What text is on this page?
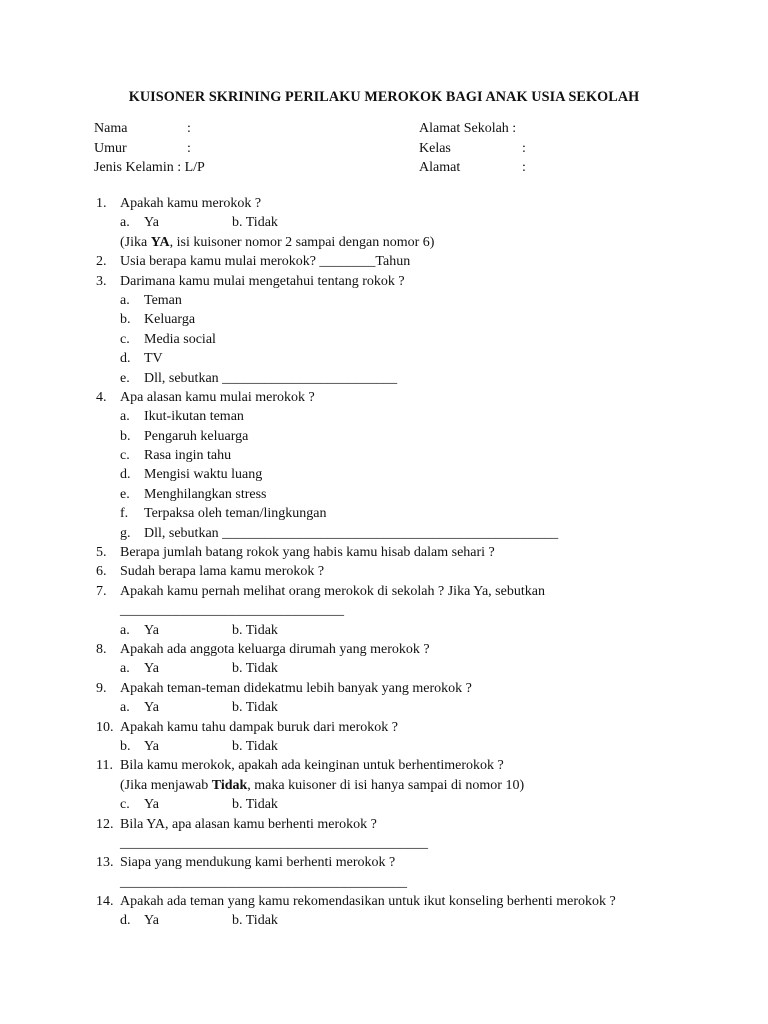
KUISONER SKRINING PERILAKU MEROKOK BAGI ANAK USIA SEKOLAH
Nama	:	Alamat Sekolah :
Umur	:	Kelas	:
Jenis Kelamin : L/P	Alamat	:
1. Apakah kamu merokok ?
a. Ya	b. Tidak
(Jika YA, isi kuisoner nomor 2 sampai dengan nomor 6)
2. Usia berapa kamu mulai merokok? ________Tahun
3. Darimana kamu mulai mengetahui tentang rokok ?
a. Teman
b. Keluarga
c. Media social
d. TV
e. Dll, sebutkan _________________________
4. Apa alasan kamu mulai merokok ?
a. Ikut-ikutan teman
b. Pengaruh keluarga
c. Rasa ingin tahu
d. Mengisi waktu luang
e. Menghilangkan stress
f. Terpaksa oleh teman/lingkungan
g. Dll, sebutkan ________________________________________________
5. Berapa jumlah batang rokok yang habis kamu hisab dalam sehari ?
6. Sudah berapa lama kamu merokok ?
7. Apakah kamu pernah melihat orang merokok di sekolah ? Jika Ya, sebutkan
________________________________
a. Ya	b. Tidak
8. Apakah ada anggota keluarga dirumah yang merokok ?
a. Ya	b. Tidak
9. Apakah teman-teman didekatmu lebih banyak yang merokok ?
a. Ya	b. Tidak
10. Apakah kamu tahu dampak buruk dari merokok ?
b. Ya	b. Tidak
11. Bila kamu merokok, apakah ada keinginan untuk berhentimerokok ?
(Jika menjawab Tidak, maka kuisoner di isi hanya sampai di nomor 10)
c. Ya	b. Tidak
12. Bila YA, apa alasan kamu berhenti merokok ?
____________________________________________
13. Siapa yang mendukung kami berhenti merokok ?
_________________________________________
14. Apakah ada teman yang kamu rekomendasikan untuk ikut konseling berhenti merokok ?
d. Ya	b. Tidak
